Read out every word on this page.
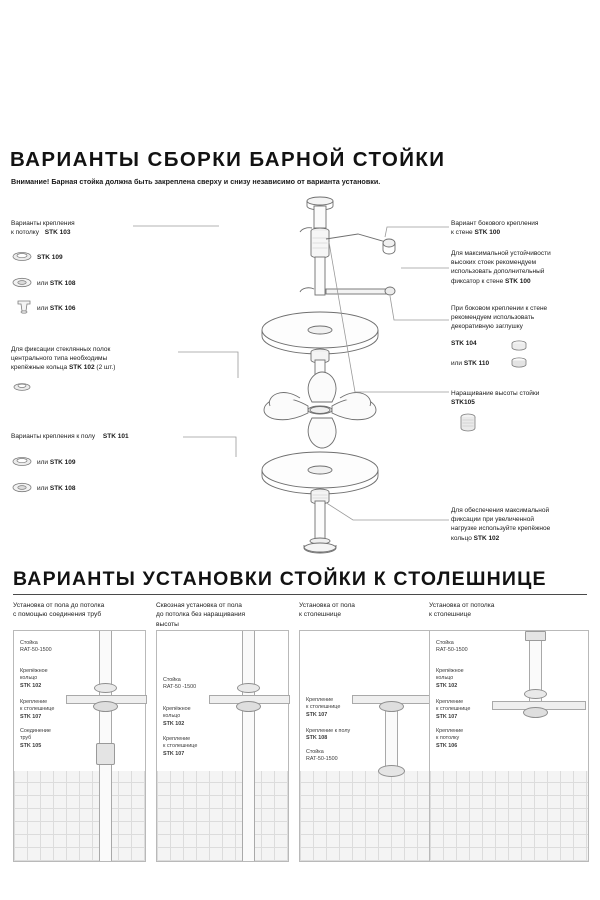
ВАРИАНТЫ СБОРКИ БАРНОЙ СТОЙКИ
Внимание! Барная стойка должна быть закреплена сверху и снизу независимо от варианта установки.
Варианты крепления
к потолку STK 103
STK 109
или STK 108
или STK 106
Для фиксации стеклянных полок
центрального типа необходимы
крепёжные кольца STK 102 (2 шт.)
Варианты крепления к полу STK 101
или STK 109
или STK 108
Вариант бокового крепления
к стене STK 100
Для максимальной устойчивости
высоких стоек рекомендуем
использовать дополнительный
фиксатор к стене STK 100
При боковом креплении к стене
рекомендуем использовать
декоративную заглушку
STK 104
или STK 110
Наращивание высоты стойки
STK105
Для обеспечения максимальной
фиксации при увеличенной
нагрузке используйте крепёжное
кольцо STK 102
ВАРИАНТЫ УСТАНОВКИ СТОЙКИ К СТОЛЕШНИЦЕ
Установка от пола до потолка
с помощью соединения труб
Сквозная установка от пола
до потолка без наращивания
высоты
Установка от пола
к столешнице
Установка от потолка
к столешнице
Стойка
RAT-50-1500
Крепёжное
кольцо
STK 102
Крепление
к столешнице
STK 107
Соединение
труб
STK 105
Стойка
RAT-50 -1500
Крепёжное
кольцо
STK 102
Крепление
к столешнице
STK 107
Крепление
к столешнице
STK 107
Крепление к полу
STK 108
Стойка
RAT-50-1500
Стойка
RAT-50-1500
Крепёжное
кольцо
STK 102
Крепление
к столешнице
STK 107
Крепление
к потолку
STK 106
